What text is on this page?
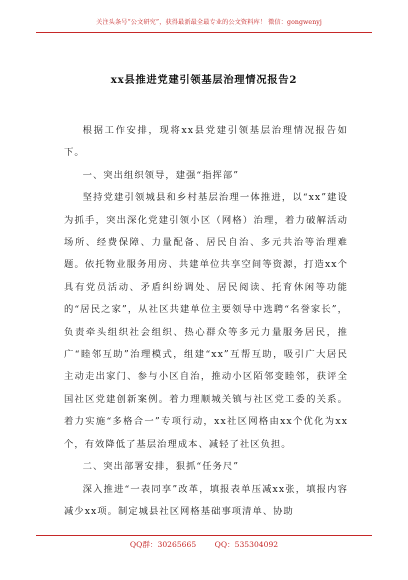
关注头条号“公文研究”，获得最新最全最专业的公文资料库！ 微信：gongwenyj
xx县推进党建引领基层治理情况报告2

根据工作安排，现将xx县党建引领基层治理情况报告如下。

一、突出组织领导，建强“指挥部”

坚持党建引领城县和乡村基层治理一体推进，以“xx”建设为抓手，突出深化党建引领小区（网格）治理，着力破解活动场所、经费保障、力量配备、居民自治、多元共治等治理难题。依托物业服务用房、共建单位共享空间等资源，打造xx个具有党员活动、矛盾纠纷调处、居民阅读、托育休闲等功能的“居民之家”，从社区共建单位主要领导中选聘“名誉家长”，负责牵头组织社会组织、热心群众等多元力量服务居民，推广“睦邻互助”治理模式，组建“xx”互帮互助，吸引广大居民主动走出家门、参与小区自治，推动小区陌邻变睦邻，获评全国社区党建创新案例。着力理顺城关镇与社区党工委的关系。着力实施“多格合一”专项行动，xx社区网格由xx个优化为xx个，有效降低了基层治理成本、减轻了社区负担。

二、突出部署安排，狠抓“任务尺”

深入推进“一表同享”改革，填报表单压减xx张，填报内容减少xx项。制定城县社区网格基础事项清单、协助

QQ群：30265665 QQ：535304092
